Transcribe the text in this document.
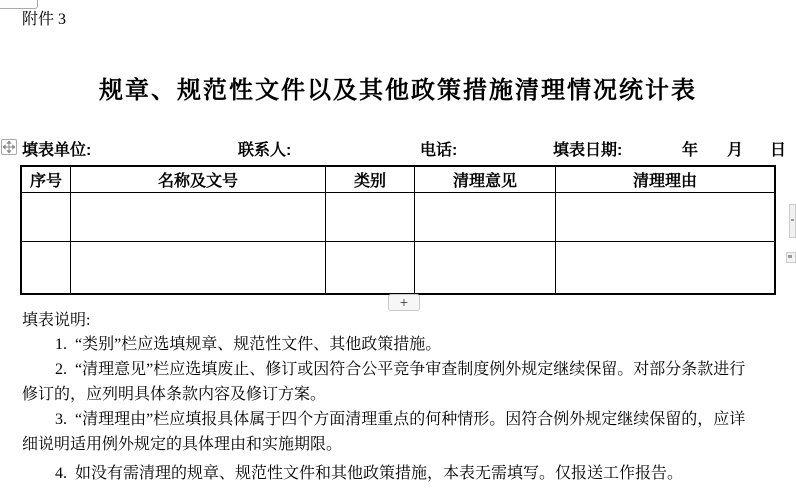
附件 3
规章、规范性文件以及其他政策措施清理情况统计表
填表单位:	联系人:	电话:	填表日期:	年 月 日
序号	名称及文号	类别	清理意见	清理理由

+
填表说明:
1.  “类别”栏应选填规章、规范性文件、其他政策措施。
2.  “清理意见”栏应选填废止、修订或因符合公平竞争审查制度例外规定继续保留。对部分条款进行
修订的，应列明具体条款内容及修订方案。
3.  “清理理由”栏应填报具体属于四个方面清理重点的何种情形。因符合例外规定继续保留的，应详
细说明适用例外规定的具体理由和实施期限。
4.  如没有需清理的规章、规范性文件和其他政策措施，本表无需填写。仅报送工作报告。
